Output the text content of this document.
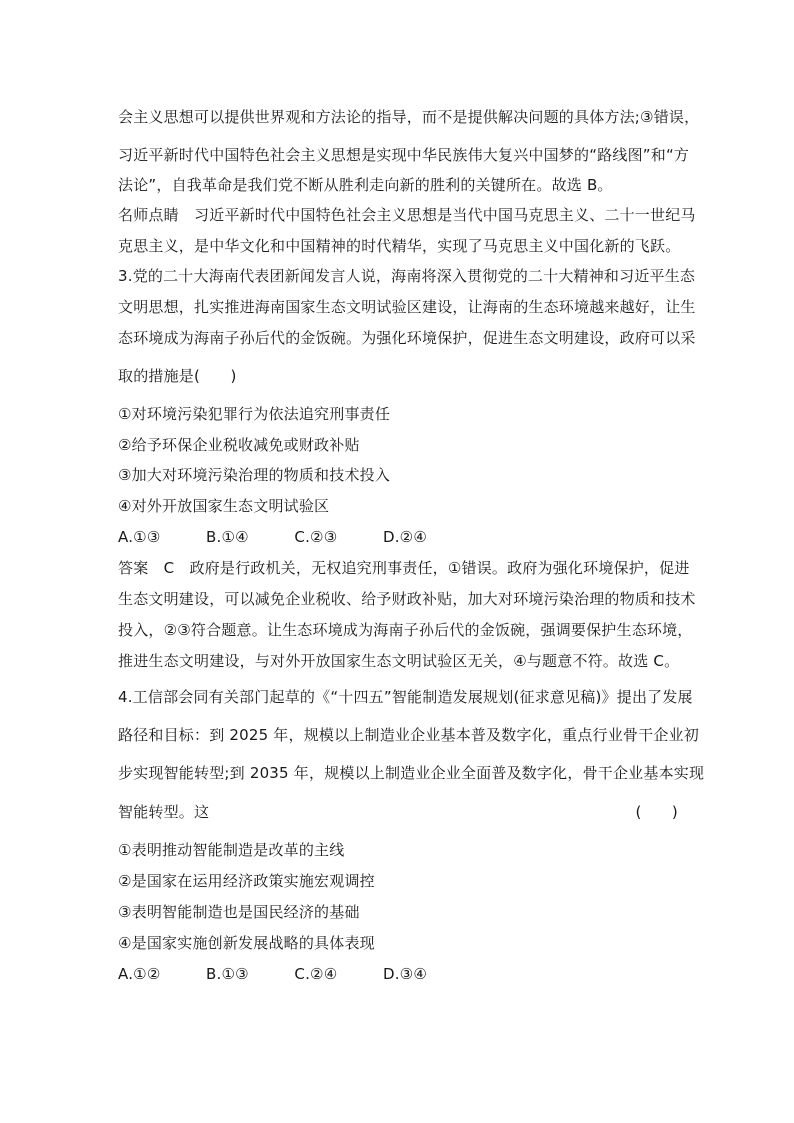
会主义思想可以提供世界观和方法论的指导，而不是提供解决问题的具体方法;③错误，
习近平新时代中国特色社会主义思想是实现中华民族伟大复兴中国梦的“路线图”和“方
法论”，自我革命是我们党不断从胜利走向新的胜利的关键所在。故选 B。
名师点睛　习近平新时代中国特色社会主义思想是当代中国马克思主义、二十一世纪马
克思主义，是中华文化和中国精神的时代精华，实现了马克思主义中国化新的飞跃。
3.党的二十大海南代表团新闻发言人说，海南将深入贯彻党的二十大精神和习近平生态
文明思想，扎实推进海南国家生态文明试验区建设，让海南的生态环境越来越好，让生
态环境成为海南子孙后代的金饭碗。为强化环境保护，促进生态文明建设，政府可以采
取的措施是(　　)
①对环境污染犯罪行为依法追究刑事责任
②给予环保企业税收减免或财政补贴
③加大对环境污染治理的物质和技术投入
④对外开放国家生态文明试验区
A.①③　　　B.①④　　　C.②③　　　D.②④
答案　C　政府是行政机关，无权追究刑事责任，①错误。政府为强化环境保护，促进
生态文明建设，可以减免企业税收、给予财政补贴，加大对环境污染治理的物质和技术
投入，②③符合题意。让生态环境成为海南子孙后代的金饭碗，强调要保护生态环境，
推进生态文明建设，与对外开放国家生态文明试验区无关，④与题意不符。故选 C。
4.工信部会同有关部门起草的《“十四五”智能制造发展规划(征求意见稿)》提出了发展
路径和目标：到 2025 年，规模以上制造业企业基本普及数字化，重点行业骨干企业初
步实现智能转型;到 2035 年，规模以上制造业企业全面普及数字化，骨干企业基本实现
智能转型。这	(　　)
①表明推动智能制造是改革的主线
②是国家在运用经济政策实施宏观调控
③表明智能制造也是国民经济的基础
④是国家实施创新发展战略的具体表现
A.①②　　　B.①③　　　C.②④　　　D.③④
